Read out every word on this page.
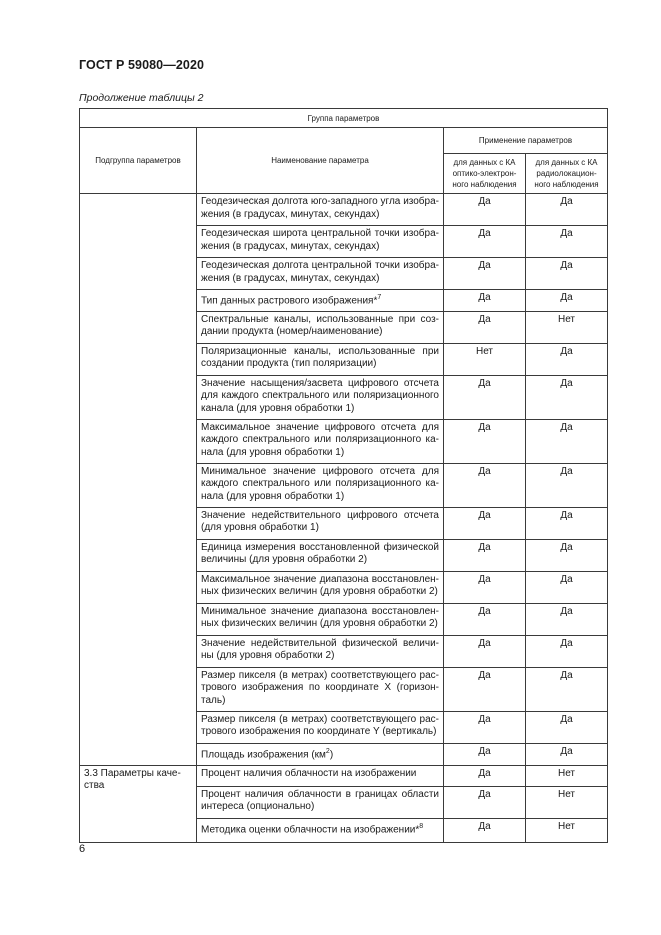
ГОСТ Р 59080—2020
Продолжение таблицы 2
Группа параметров			
Подгруппа параметров	Наименование параметра	Применение параметров	
		для данных с КА оптико-электрон-ного наблюдения	для данных с КА радиолокацион-ного наблюдения
	Геодезическая долгота юго-западного угла изобра-жения (в градусах, минутах, секундах)	Да	Да
	Геодезическая широта центральной точки изобра-жения (в градусах, минутах, секундах)	Да	Да
	Геодезическая долгота центральной точки изобра-жения (в градусах, минутах, секундах)	Да	Да
	Тип данных растрового изображения*$^7$	Да	Да
	Спектральные каналы, использованные при соз-дании продукта (номер/наименование)	Да	Нет
	Поляризационные каналы, использованные при создании продукта (тип поляризации)	Нет	Да
	Значение насыщения/засвета цифрового отсчета для каждого спектрального или поляризационного канала (для уровня обработки 1)	Да	Да
	Максимальное значение цифрового отсчета для каждого спектрального или поляризационного ка-нала (для уровня обработки 1)	Да	Да
	Минимальное значение цифрового отсчета для каждого спектрального или поляризационного ка-нала (для уровня обработки 1)	Да	Да
	Значение недействительного цифрового отсчета (для уровня обработки 1)	Да	Да
	Единица измерения восстановленной физической величины (для уровня обработки 2)	Да	Да
	Максимальное значение диапазона восстановлен-ных физических величин (для уровня обработки 2)	Да	Да
	Минимальное значение диапазона восстановлен-ных физических величин (для уровня обработки 2)	Да	Да
	Значение недействительной физической величи-ны (для уровня обработки 2)	Да	Да
	Размер пикселя (в метрах) соответствующего рас-трового изображения по координате X (горизон-таль)	Да	Да
	Размер пикселя (в метрах) соответствующего рас-трового изображения по координате Y (вертикаль)	Да	Да
	Площадь изображения $(км^2)$	Да	Да
3.3 Параметры каче-ства	Процент наличия облачности на изображении	Да	Нет
	Процент наличия облачности в границах области интереса (опционально)	Да	Нет
	Методика оценки облачности на изображении*$^8$	Да	Нет
6
